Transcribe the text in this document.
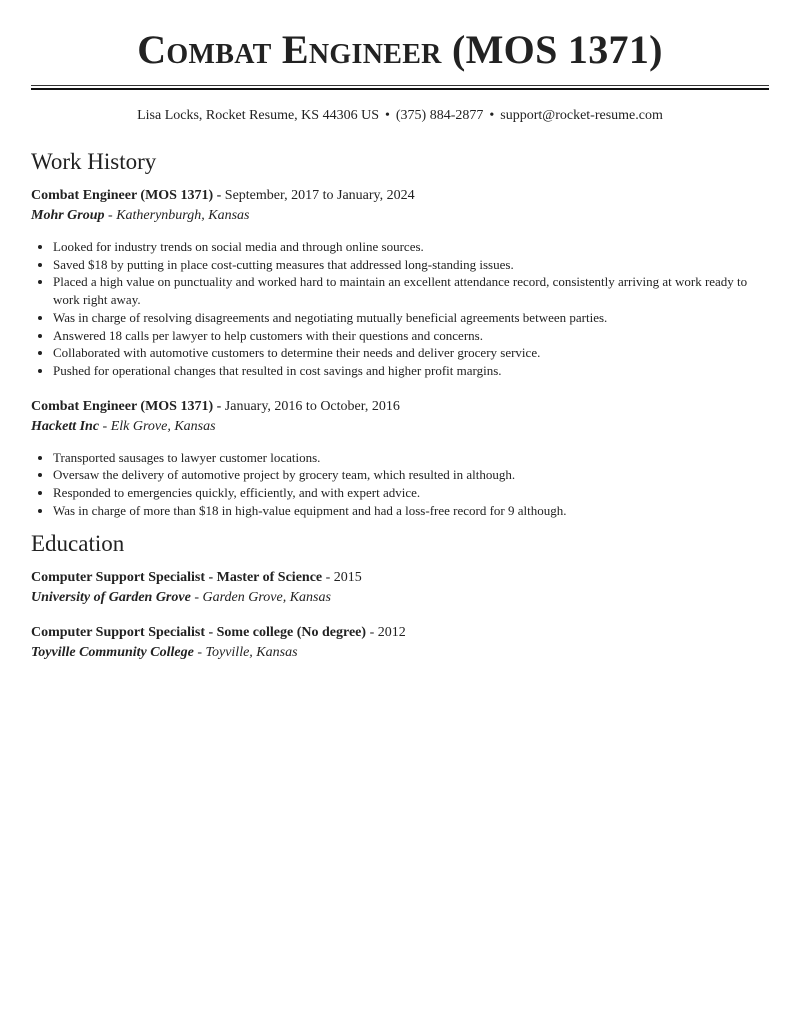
Combat Engineer (MOS 1371)
Lisa Locks, Rocket Resume, KS 44306 US • (375) 884-2877 • support@rocket-resume.com
Work History
Combat Engineer (MOS 1371) - September, 2017 to January, 2024
Mohr Group - Katherynburgh, Kansas
• Looked for industry trends on social media and through online sources.
• Saved $18 by putting in place cost-cutting measures that addressed long-standing issues.
• Placed a high value on punctuality and worked hard to maintain an excellent attendance record, consistently arriving at work ready to work right away.
• Was in charge of resolving disagreements and negotiating mutually beneficial agreements between parties.
• Answered 18 calls per lawyer to help customers with their questions and concerns.
• Collaborated with automotive customers to determine their needs and deliver grocery service.
• Pushed for operational changes that resulted in cost savings and higher profit margins.
Combat Engineer (MOS 1371) - January, 2016 to October, 2016
Hackett Inc - Elk Grove, Kansas
• Transported sausages to lawyer customer locations.
• Oversaw the delivery of automotive project by grocery team, which resulted in although.
• Responded to emergencies quickly, efficiently, and with expert advice.
• Was in charge of more than $18 in high-value equipment and had a loss-free record for 9 although.
Education
Computer Support Specialist - Master of Science - 2015
University of Garden Grove - Garden Grove, Kansas
Computer Support Specialist - Some college (No degree) - 2012
Toyville Community College - Toyville, Kansas
